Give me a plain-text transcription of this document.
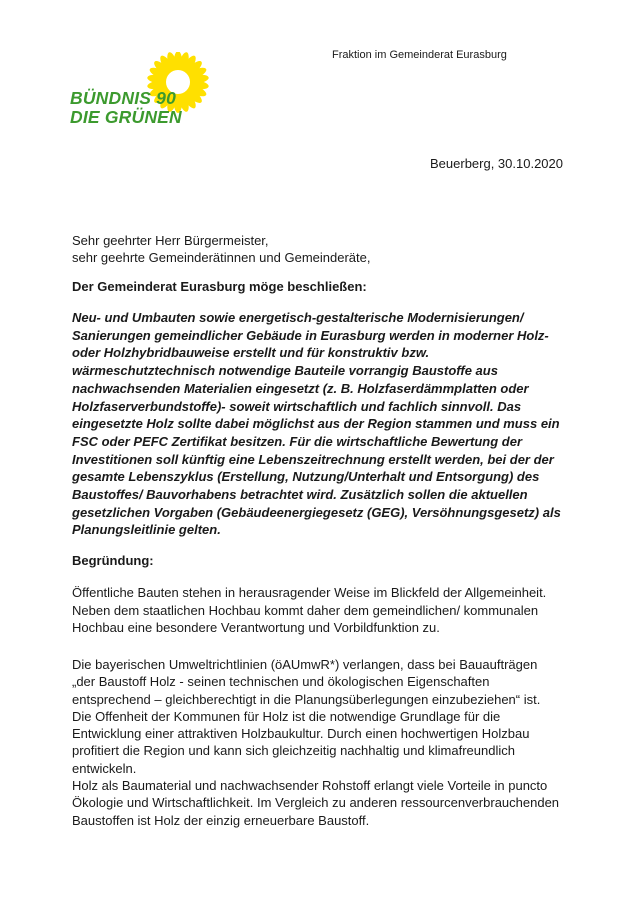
Fraktion im Gemeinderat Eurasburg
BÜNDNIS 90
DIE GRÜNEN
Beuerberg, 30.10.2020
Sehr geehrter Herr Bürgermeister,
sehr geehrte Gemeinderätinnen und Gemeinderäte,
Der Gemeinderat Eurasburg möge beschließen:
Neu- und Umbauten sowie energetisch-gestalterische Modernisierungen/
Sanierungen gemeindlicher Gebäude in Eurasburg werden in moderner Holz-
oder Holzhybridbauweise erstellt und für konstruktiv bzw.
wärmeschutztechnisch notwendige Bauteile vorrangig Baustoffe aus
nachwachsenden Materialien eingesetzt (z. B. Holzfaserdämmplatten oder
Holzfaserverbundstoffe)- soweit wirtschaftlich und fachlich sinnvoll. Das
eingesetzte Holz sollte dabei möglichst aus der Region stammen und muss ein
FSC oder PEFC Zertifikat besitzen. Für die wirtschaftliche Bewertung der
Investitionen soll künftig eine Lebenszeitrechnung erstellt werden, bei der der
gesamte Lebenszyklus (Erstellung, Nutzung/Unterhalt und Entsorgung) des
Baustoffes/ Bauvorhabens betrachtet wird. Zusätzlich sollen die aktuellen
gesetzlichen Vorgaben (Gebäudeenergiegesetz (GEG), Versöhnungsgesetz) als
Planungsleitlinie gelten.
Begründung:
Öffentliche Bauten stehen in herausragender Weise im Blickfeld der Allgemeinheit.
Neben dem staatlichen Hochbau kommt daher dem gemeindlichen/ kommunalen
Hochbau eine besondere Verantwortung und Vorbildfunktion zu.
Die bayerischen Umweltrichtlinien (öAUmwR*) verlangen, dass bei Bauaufträgen
„der Baustoff Holz - seinen technischen und ökologischen Eigenschaften
entsprechend – gleichberechtigt in die Planungsüberlegungen einzubeziehen“ ist.
Die Offenheit der Kommunen für Holz ist die notwendige Grundlage für die
Entwicklung einer attraktiven Holzbaukultur. Durch einen hochwertigen Holzbau
profitiert die Region und kann sich gleichzeitig nachhaltig und klimafreundlich
entwickeln.
Holz als Baumaterial und nachwachsender Rohstoff erlangt viele Vorteile in puncto
Ökologie und Wirtschaftlichkeit. Im Vergleich zu anderen ressourcenverbrauchenden
Baustoffen ist Holz der einzig erneuerbare Baustoff.
